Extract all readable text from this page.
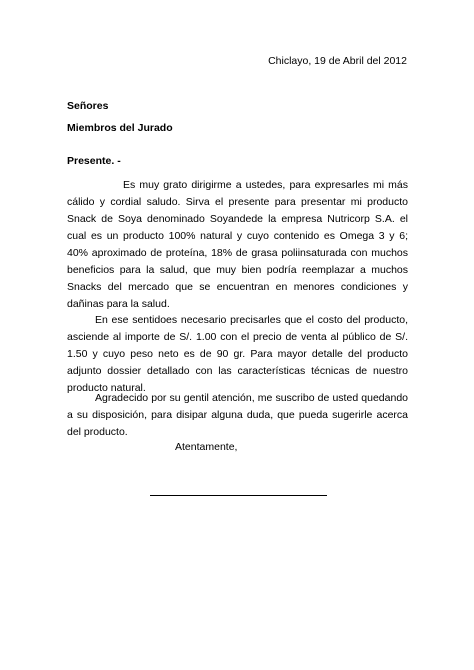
Chiclayo, 19 de Abril del 2012
Señores
Miembros del Jurado
Presente. -
Es muy grato dirigirme a ustedes, para expresarles mi más cálido y cordial saludo. Sirva el presente para presentar mi producto Snack de Soya denominado Soyandede la empresa Nutricorp S.A. el cual es un producto 100% natural y cuyo contenido es Omega 3 y 6; 40% aproximado de proteína, 18% de grasa poliinsaturada con muchos beneficios para la salud, que muy bien podría reemplazar a muchos Snacks del mercado que se encuentran en menores condiciones y dañinas para la salud.
En ese sentidoes necesario precisarles que el costo del producto, asciende al importe de S/. 1.00 con el precio de venta al público de S/. 1.50 y cuyo peso neto es de 90 gr. Para mayor detalle del producto adjunto dossier detallado con las características técnicas de nuestro producto natural.
Agradecido por su gentil atención, me suscribo de usted quedando a su disposición, para disipar alguna duda, que pueda sugerirle acerca del producto.
Atentamente,
